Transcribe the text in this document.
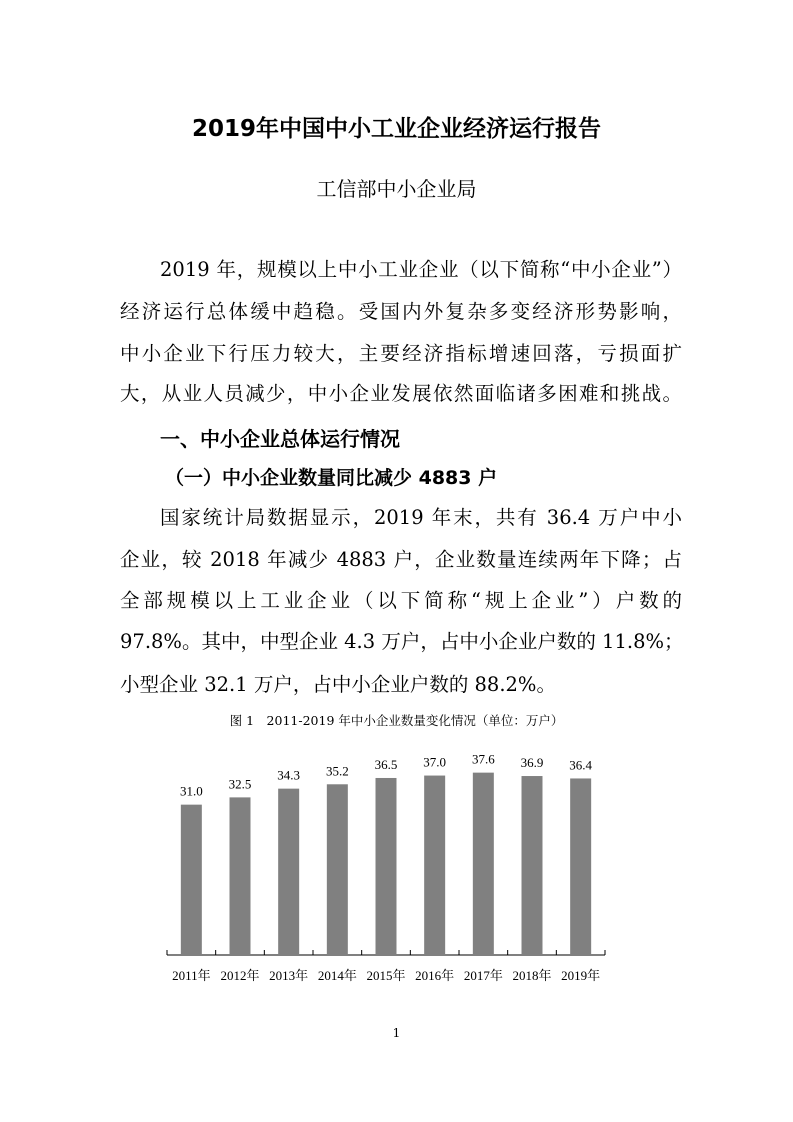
2019年中国中小工业企业经济运行报告
工信部中小企业局
2019 年，规模以上中小工业企业（以下简称“中小企业”）
经济运行总体缓中趋稳。受国内外复杂多变经济形势影响，
中小企业下行压力较大，主要经济指标增速回落，亏损面扩
大，从业人员减少，中小企业发展依然面临诸多困难和挑战。
一、中小企业总体运行情况
（一）中小企业数量同比减少 4883 户
国家统计局数据显示，2019 年末，共有 36.4 万户中小
企业，较 2018 年减少 4883 户，企业数量连续两年下降；占
全部规模以上工业企业（以下简称“规上企业”）户数的
97.8%。其中，中型企业 4.3 万户，占中小企业户数的 11.8%；
小型企业 32.1 万户，占中小企业户数的 88.2%。
图 1　2011-2019 年中小企业数量变化情况（单位：万户）
31.0
2011年
32.5
2012年
34.3
2013年
35.2
2014年
36.5
2015年
37.0
2016年
37.6
2017年
36.9
2018年
36.4
2019年
1
